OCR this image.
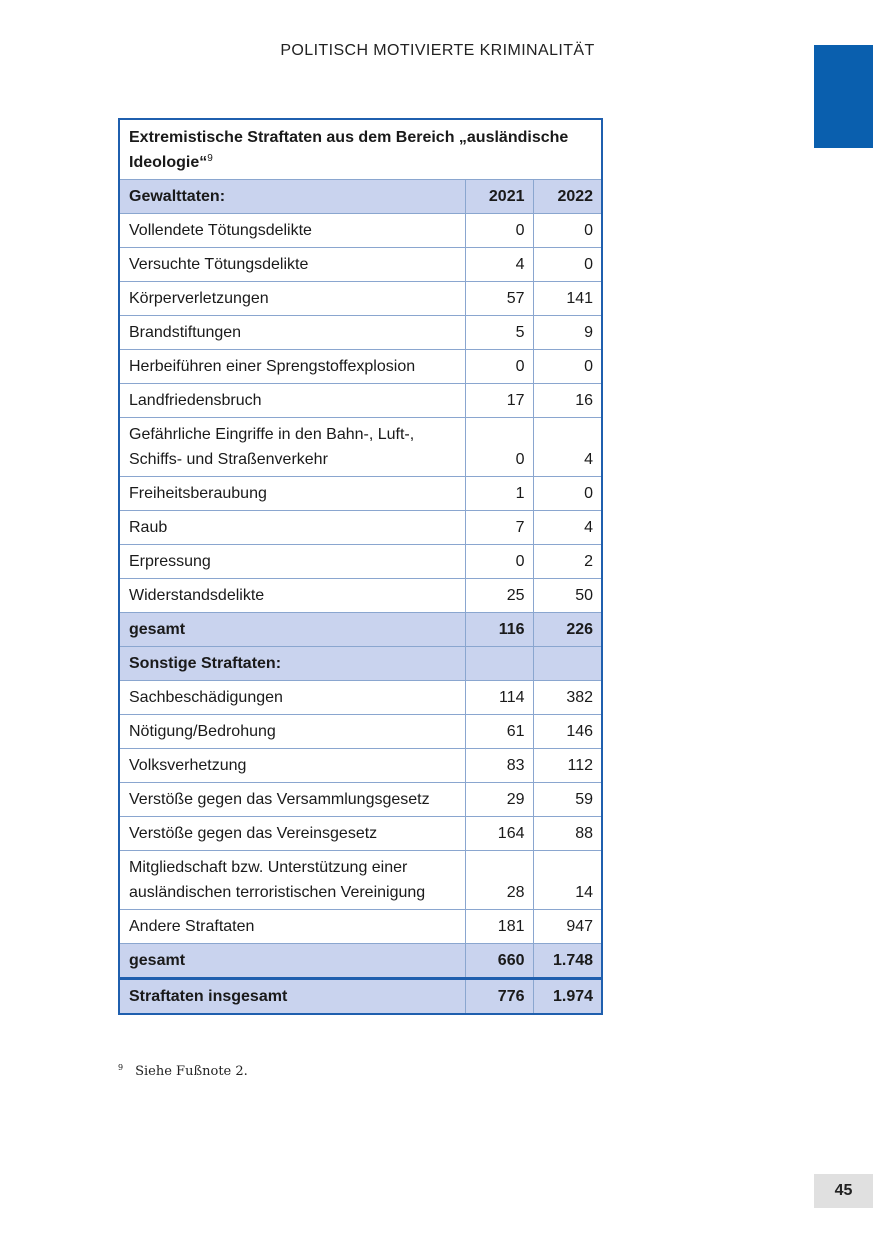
POLITISCH MOTIVIERTE KRIMINALITÄT
Extremistische Straftaten aus dem Bereich „ausländische Ideologie“$^9$
Gewalttaten:	2021	2022
Vollendete Tötungsdelikte	0	0
Versuchte Tötungsdelikte	4	0
Körperverletzungen	57	141
Brandstiftungen	5	9
Herbeiführen einer Sprengstoffexplosion	0	0
Landfriedensbruch	17	16
Gefährliche Eingriffe in den Bahn-, Luft-,
Schiffs- und Straßenverkehr	0	4
Freiheitsberaubung	1	0
Raub	7	4
Erpressung	0	2
Widerstandsdelikte	25	50
gesamt	116	226
Sonstige Straftaten:		
Sachbeschädigungen	114	382
Nötigung/Bedrohung	61	146
Volksverhetzung	83	112
Verstöße gegen das Versammlungsgesetz	29	59
Verstöße gegen das Vereinsgesetz	164	88
Mitgliedschaft bzw. Unterstützung einer
ausländischen terroristischen Vereinigung	28	14
Andere Straftaten	181	947
gesamt	660	1.748
Straftaten insgesamt	776	1.974
$^9$ Siehe Fußnote 2.
45
